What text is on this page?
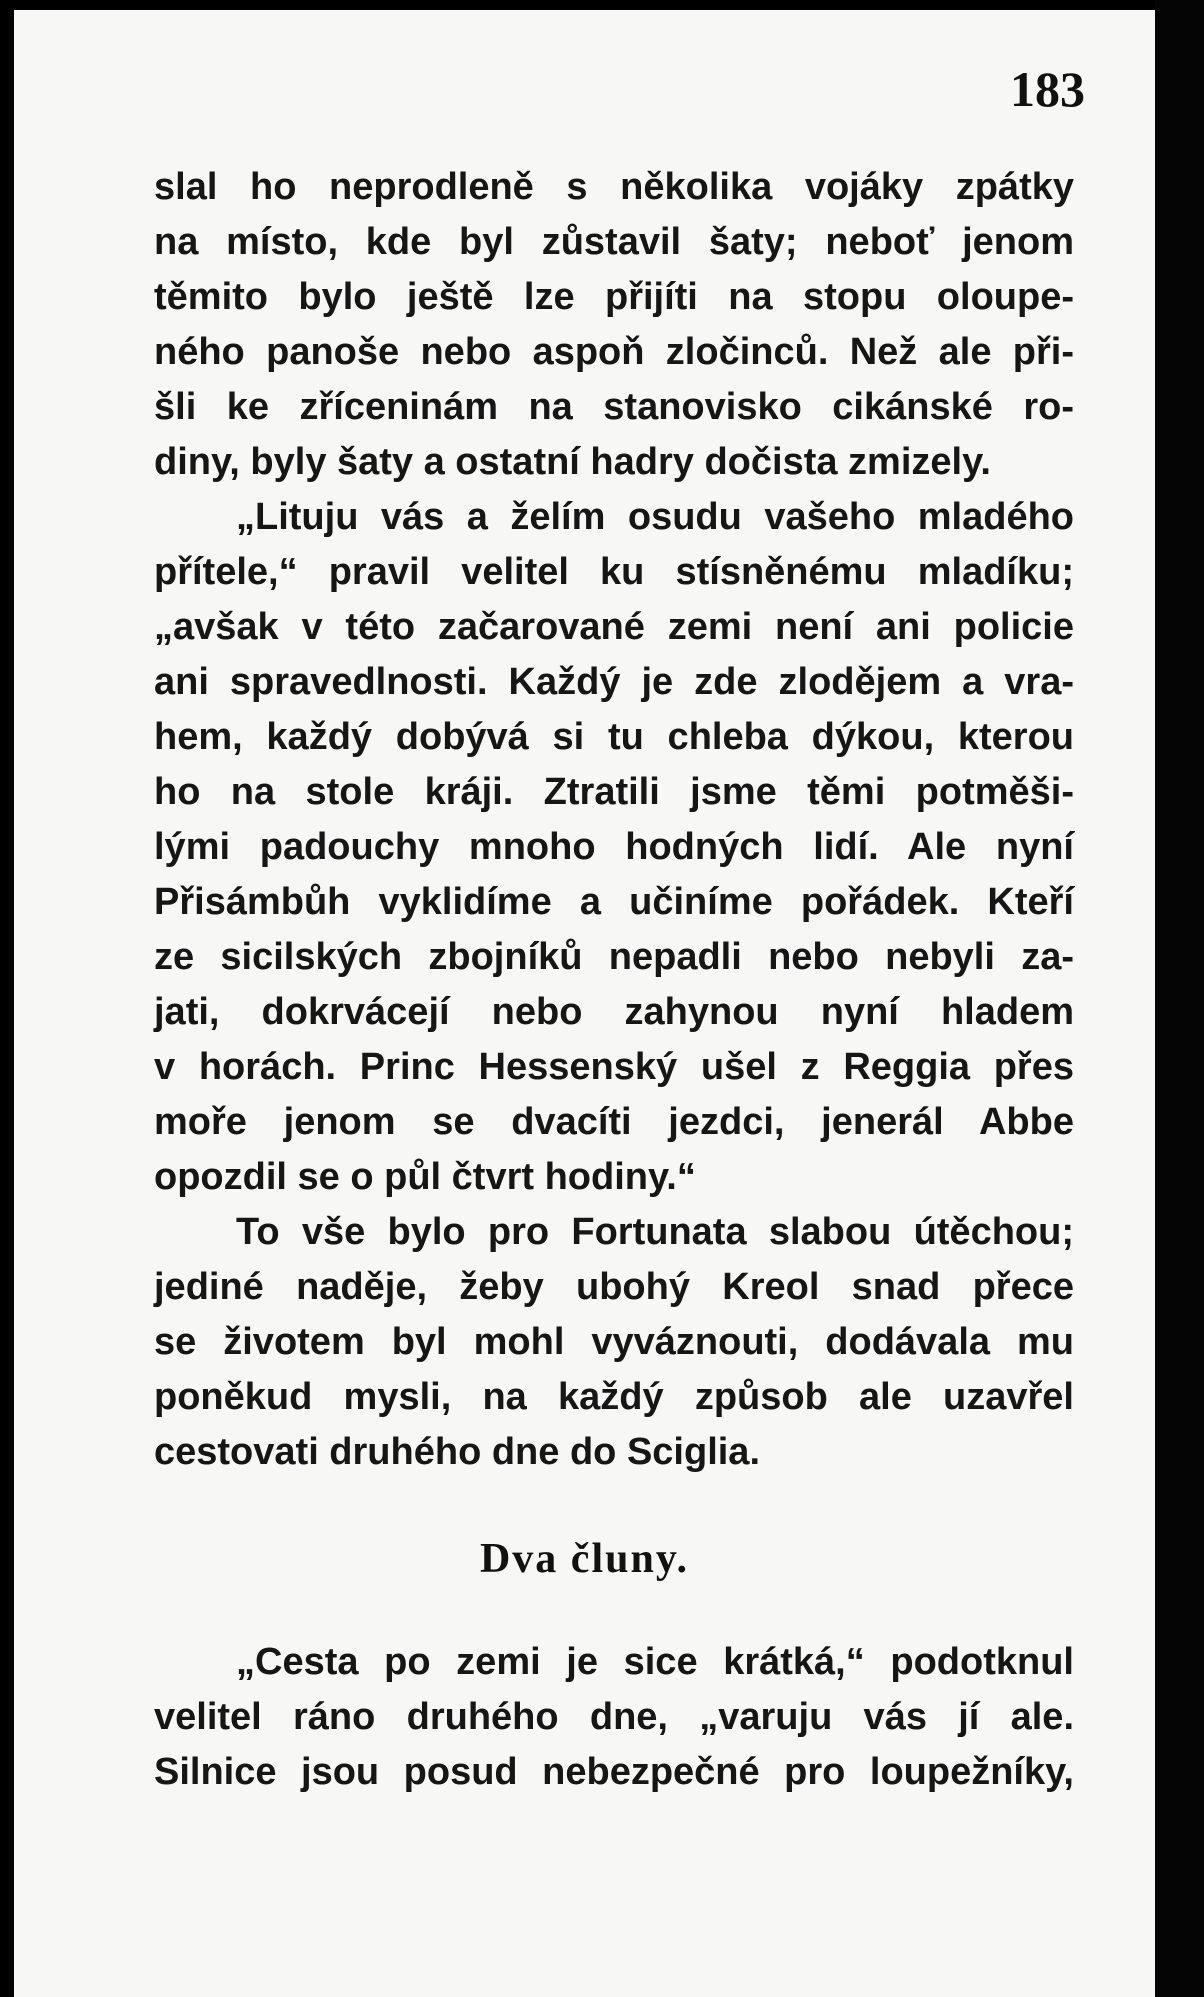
183

slal ho neprodleně s několika vojáky zpátky
na místo, kde byl zůstavil šaty; neboť jenom
těmito bylo ještě lze přijíti na stopu oloupe-
ného panoše nebo aspoň zločinců. Než ale při-
šli ke zříceninám na stanovisko cikánské ro-
diny, byly šaty a ostatní hadry dočista zmizely.
„Lituju vás a želím osudu vašeho mladého
přítele,“ pravil velitel ku stísněnému mladíku;
„avšak v této začarované zemi není ani policie
ani spravedlnosti. Každý je zde zlodějem a vra-
hem, každý dobývá si tu chleba dýkou, kterou
ho na stole kráji. Ztratili jsme těmi potměši-
lými padouchy mnoho hodných lidí. Ale nyní
Přisámbůh vyklidíme a učiníme pořádek. Kteří
ze sicilských zbojníků nepadli nebo nebyli za-
jati, dokrvácejí nebo zahynou nyní hladem
v horách. Princ Hessenský ušel z Reggia přes
moře jenom se dvacíti jezdci, jenerál Abbe
opozdil se o půl čtvrt hodiny.“
To vše bylo pro Fortunata slabou útěchou;
jediné naděje, žeby ubohý Kreol snad přece
se životem byl mohl vyváznouti, dodávala mu
poněkud mysli, na každý způsob ale uzavřel
cestovati druhého dne do Sciglia.
Dva čluny.
„Cesta po zemi je sice krátká,“ podotknul
velitel ráno druhého dne, „varuju vás jí ale.
Silnice jsou posud nebezpečné pro loupežníky,
